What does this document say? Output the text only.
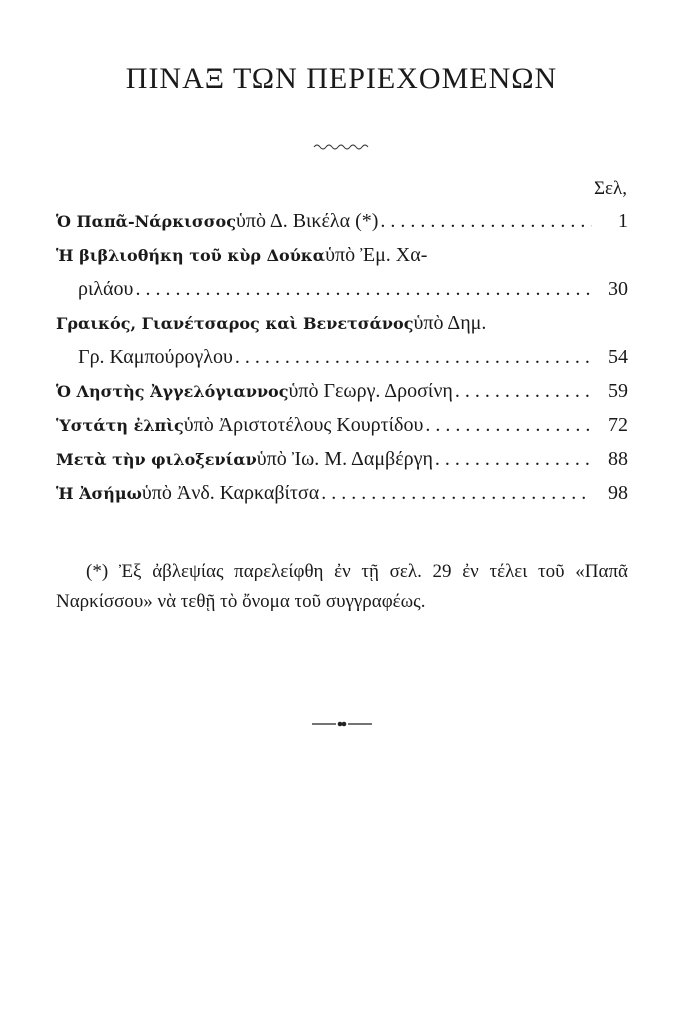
ΠΙΝΑΞ ΤΩΝ ΠΕΡΙΕΧΟΜΕΝΩΝ
Σελ,
Ὁ Παπᾶ-Νάρκισσος ὑπὸ Δ. Βικέλα (*) . . .	1
Ἡ βιβλιοθήκη τοῦ κὺρ Δούκα ὑπὸ Ἐμ. Χα-
ριλάου . . .	30
Γραικός, Γιανέτσαρος καὶ Βενετσάνος ὑπὸ Δημ.
Γρ. Καμπούρογλου . . .	54
Ὁ Ληστὴς Ἀγγελόγιαννος ὑπὸ Γεωργ. Δροσίνη . . .	59
Ὑστάτη ἐλπὶς ὑπὸ Ἀριστοτέλους Κουρτίδου . . .	72
Μετὰ τὴν φιλοξενίαν ὑπὸ Ἰω. Μ. Δαμβέργη . . .	88
Ἡ Ἀσήμω ὑπὸ Ἀνδ. Καρκαβίτσα . . .	98

(*) Ἐξ ἀβλεψίας παρελείφθη ἐν τῇ σελ. 29 ἐν τέλει τοῦ «Παπᾶ Ναρκίσσου» νὰ τεθῇ τὸ ὄνομα τοῦ συγγραφέως.
